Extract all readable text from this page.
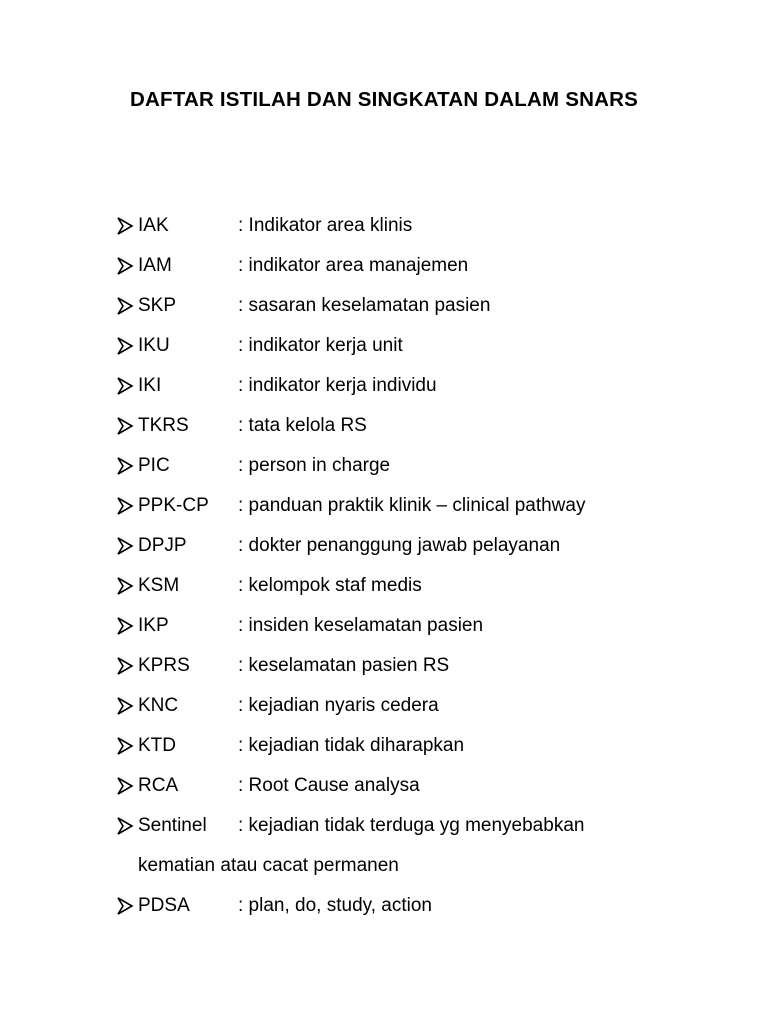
DAFTAR ISTILAH DAN SINGKATAN DALAM SNARS
IAK	: Indikator area klinis
IAM	: indikator area manajemen
SKP	: sasaran keselamatan pasien
IKU	: indikator kerja unit
IKI	: indikator kerja individu
TKRS	: tata kelola RS
PIC	: person in charge
PPK-CP : panduan praktik klinik – clinical pathway
DPJP	: dokter penanggung jawab pelayanan
KSM	: kelompok staf medis
IKP	: insiden keselamatan pasien
KPRS	: keselamatan pasien RS
KNC	: kejadian nyaris cedera
KTD	: kejadian tidak diharapkan
RCA	: Root Cause analysa
Sentinel : kejadian tidak terduga yg menyebabkan
kematian atau cacat permanen
PDSA	: plan, do, study, action
